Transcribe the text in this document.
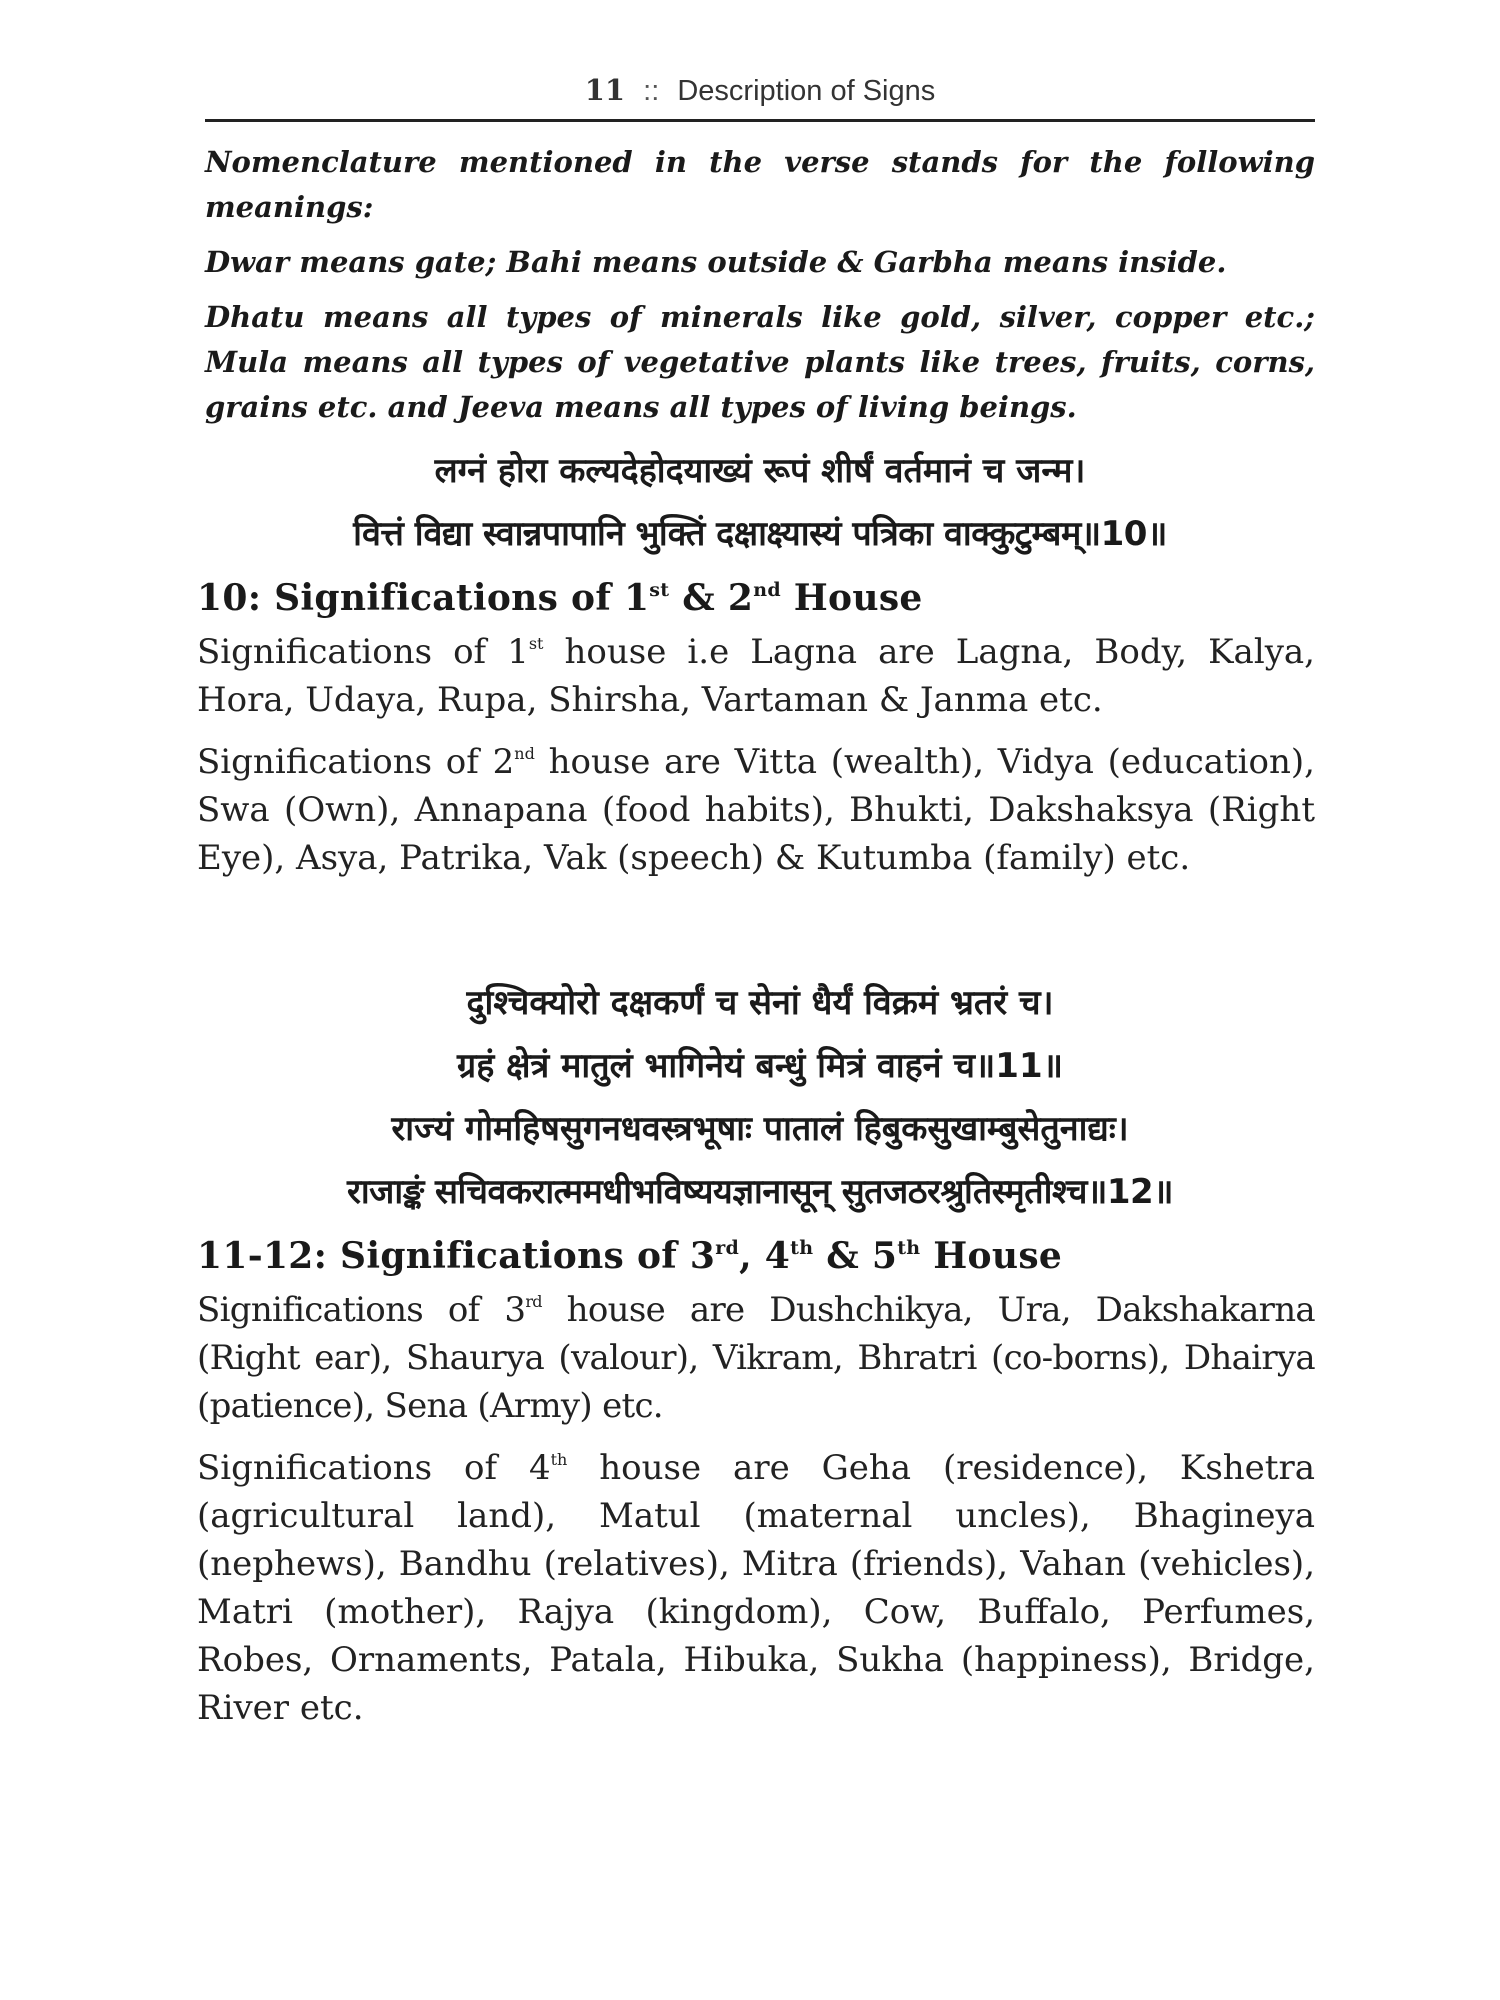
11 :: Description of Signs

Nomenclature mentioned in the verse stands for the following meanings:

Dwar means gate; Bahi means outside & Garbha means inside.

Dhatu means all types of minerals like gold, silver, copper etc.; Mula means all types of vegetative plants like trees, fruits, corns, grains etc. and Jeeva means all types of living beings.

लग्नं होरा कल्यदेहोदयाख्यं रूपं शीर्षं वर्तमानं च जन्म।
वित्तं विद्या स्वान्नपापानि भुक्तिं दक्षाक्ष्यास्यं पत्रिका वाक्कुटुम्बम्॥10॥
10: Significations of 1st & 2nd House

Significations of 1st house i.e Lagna are Lagna, Body, Kalya, Hora, Udaya, Rupa, Shirsha, Vartaman & Janma etc.

Significations of 2nd house are Vitta (wealth), Vidya (education), Swa (Own), Annapana (food habits), Bhukti, Dakshaksya (Right Eye), Asya, Patrika, Vak (speech) & Kutumba (family) etc.

दुश्चिक्योरो दक्षकर्णं च सेनां धैर्यं विक्रमं भ्रतरं च।
ग्रहं क्षेत्रं मातुलं भागिनेयं बन्धुं मित्रं वाहनं च॥11॥
राज्यं गोमहिषसुगनधवस्त्रभूषाः पातालं हिबुकसुखाम्बुसेतुनाद्यः।
राजाङ्कं सचिवकरात्ममधीभविष्ययज्ञानासून् सुतजठरश्रुतिस्मृतीश्च॥12॥
11-12: Significations of 3rd, 4th & 5th House

Significations of 3rd house are Dushchikya, Ura, Dakshakarna (Right ear), Shaurya (valour), Vikram, Bhratri (co-borns), Dhairya (patience), Sena (Army) etc.

Significations of 4th house are Geha (residence), Kshetra (agricultural land), Matul (maternal uncles), Bhagineya (nephews), Bandhu (relatives), Mitra (friends), Vahan (vehicles), Matri (mother), Rajya (kingdom), Cow, Buffalo, Perfumes, Robes, Ornaments, Patala, Hibuka, Sukha (happiness), Bridge, River etc.
